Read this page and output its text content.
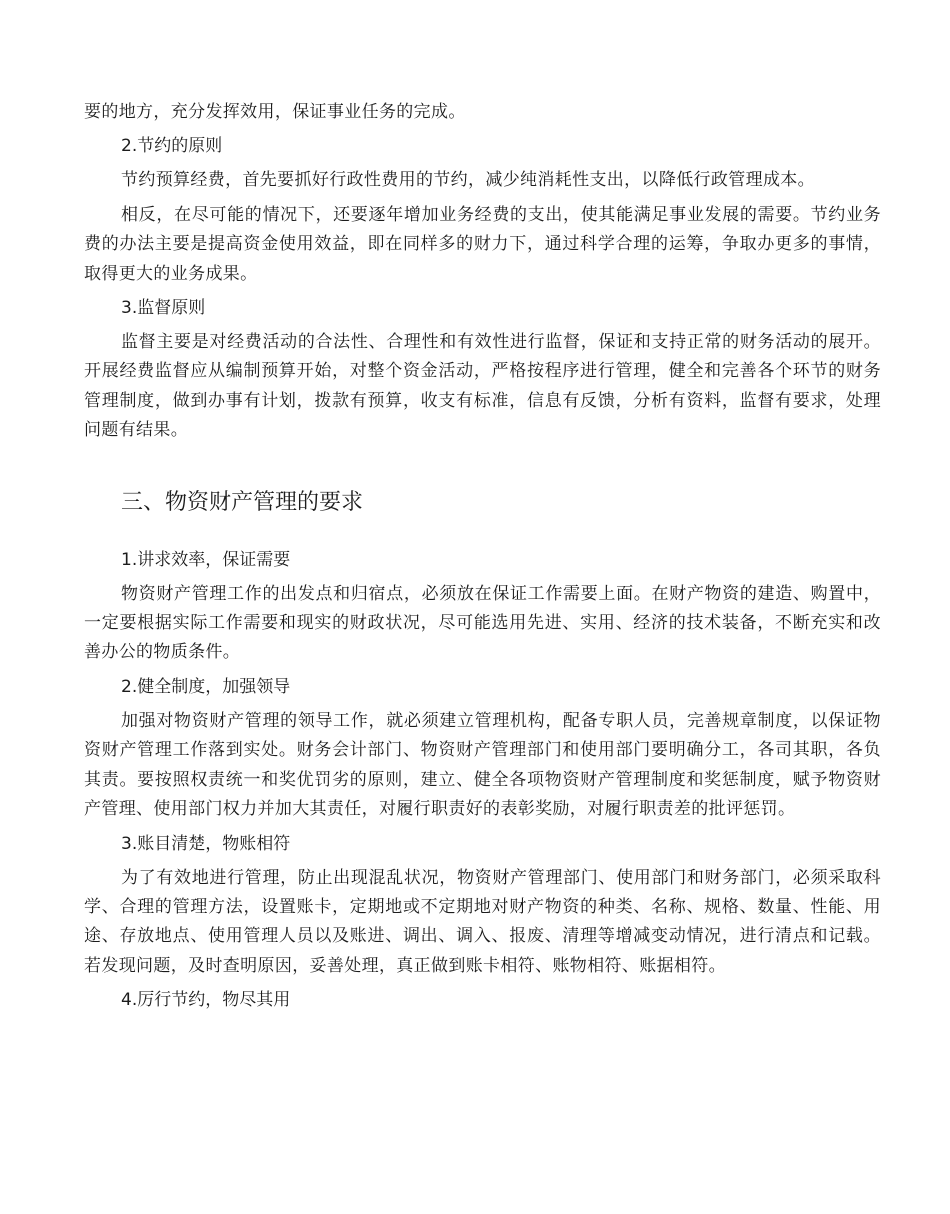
要的地方，充分发挥效用，保证事业任务的完成。

2.节约的原则

节约预算经费，首先要抓好行政性费用的节约，减少纯消耗性支出，以降低行政管理成本。

相反，在尽可能的情况下，还要逐年增加业务经费的支出，使其能满足事业发展的需要。节约业务费的办法主要是提高资金使用效益，即在同样多的财力下，通过科学合理的运筹，争取办更多的事情，取得更大的业务成果。

3.监督原则

监督主要是对经费活动的合法性、合理性和有效性进行监督，保证和支持正常的财务活动的展开。开展经费监督应从编制预算开始，对整个资金活动，严格按程序进行管理，健全和完善各个环节的财务管理制度，做到办事有计划，拨款有预算，收支有标准，信息有反馈，分析有资料，监督有要求，处理问题有结果。

三、物资财产管理的要求
1.讲求效率，保证需要

物资财产管理工作的出发点和归宿点，必须放在保证工作需要上面。在财产物资的建造、购置中，一定要根据实际工作需要和现实的财政状况，尽可能选用先进、实用、经济的技术装备，不断充实和改善办公的物质条件。

2.健全制度，加强领导

加强对物资财产管理的领导工作，就必须建立管理机构，配备专职人员，完善规章制度，以保证物资财产管理工作落到实处。财务会计部门、物资财产管理部门和使用部门要明确分工，各司其职，各负其责。要按照权责统一和奖优罚劣的原则，建立、健全各项物资财产管理制度和奖惩制度，赋予物资财产管理、使用部门权力并加大其责任，对履行职责好的表彰奖励，对履行职责差的批评惩罚。

3.账目清楚，物账相符

为了有效地进行管理，防止出现混乱状况，物资财产管理部门、使用部门和财务部门，必须采取科学、合理的管理方法，设置账卡，定期地或不定期地对财产物资的种类、名称、规格、数量、性能、用途、存放地点、使用管理人员以及账进、调出、调入、报废、清理等增减变动情况，进行清点和记载。若发现问题，及时查明原因，妥善处理，真正做到账卡相符、账物相符、账据相符。

4.厉行节约，物尽其用
